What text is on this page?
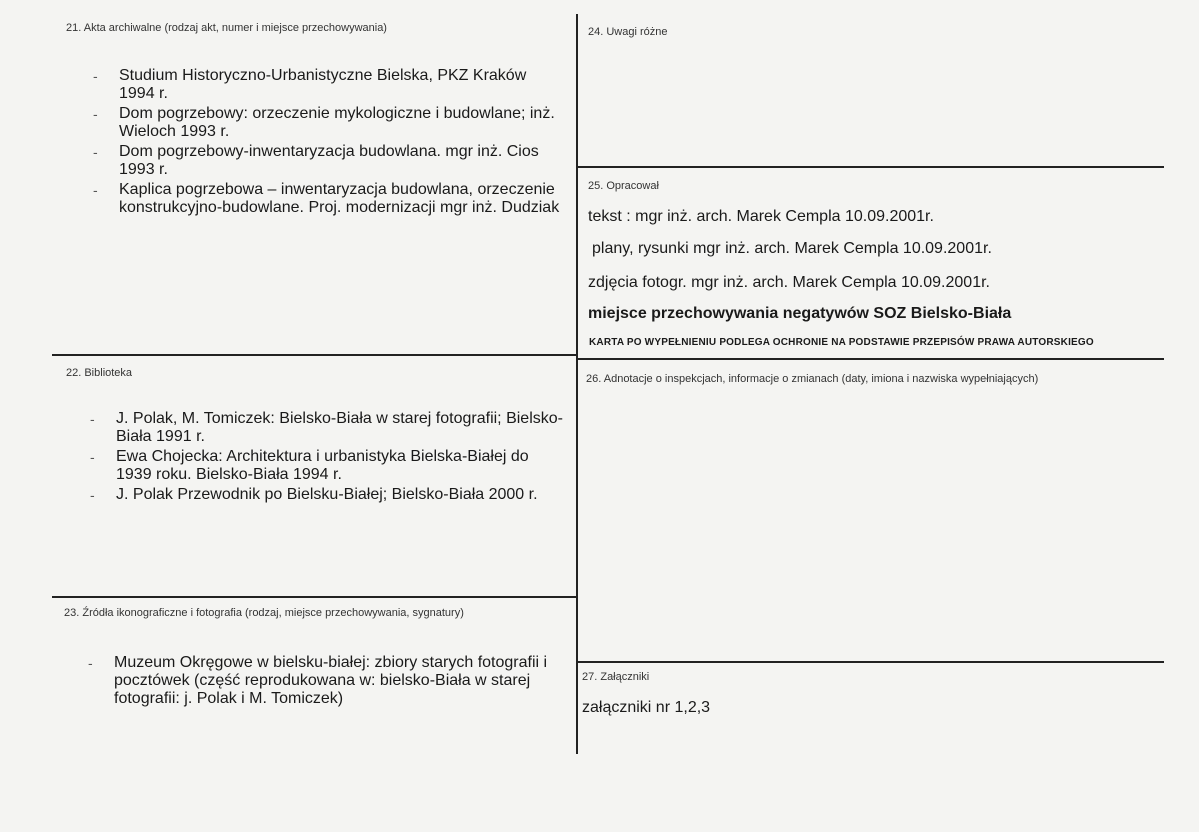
21. Akta archiwalne (rodzaj akt, numer i miejsce przechowywania)
- Studium Historyczno-Urbanistyczne Bielska, PKZ Kraków 1994 r.
- Dom pogrzebowy: orzeczenie mykologiczne i budowlane; inż. Wieloch 1993 r.
- Dom pogrzebowy-inwentaryzacja budowlana. mgr inż. Cios 1993 r.
- Kaplica pogrzebowa – inwentaryzacja budowlana, orzeczenie konstrukcyjno-budowlane. Proj. modernizacji mgr inż. Dudziak
22. Biblioteka
- J. Polak, M. Tomiczek: Bielsko-Biała w starej fotografii; Bielsko-Biała 1991 r.
- Ewa Chojecka: Architektura i urbanistyka Bielska-Białej do 1939 roku. Bielsko-Biała 1994 r.
- J. Polak Przewodnik po Bielsku-Białej; Bielsko-Biała 2000 r.
23. Źródła ikonograficzne i fotografia (rodzaj, miejsce przechowywania, sygnatury)
- Muzeum Okręgowe w bielsku-białej: zbiory starych fotografii i pocztówek (część reprodukowana w: bielsko-Biała w starej fotografii: j. Polak i M. Tomiczek)
24. Uwagi różne
25. Opracował
tekst : mgr inż. arch. Marek Cempla 10.09.2001r.
plany, rysunki mgr inż. arch. Marek Cempla 10.09.2001r.
zdjęcia fotogr. mgr inż. arch. Marek Cempla 10.09.2001r.
miejsce przechowywania negatywów SOZ Bielsko-Biała
KARTA PO WYPEŁNIENIU PODLEGA OCHRONIE NA PODSTAWIE PRZEPISÓW PRAWA AUTORSKIEGO
26. Adnotacje o inspekcjach, informacje o zmianach (daty, imiona i nazwiska wypełniających)
27. Załączniki
załączniki nr 1,2,3
